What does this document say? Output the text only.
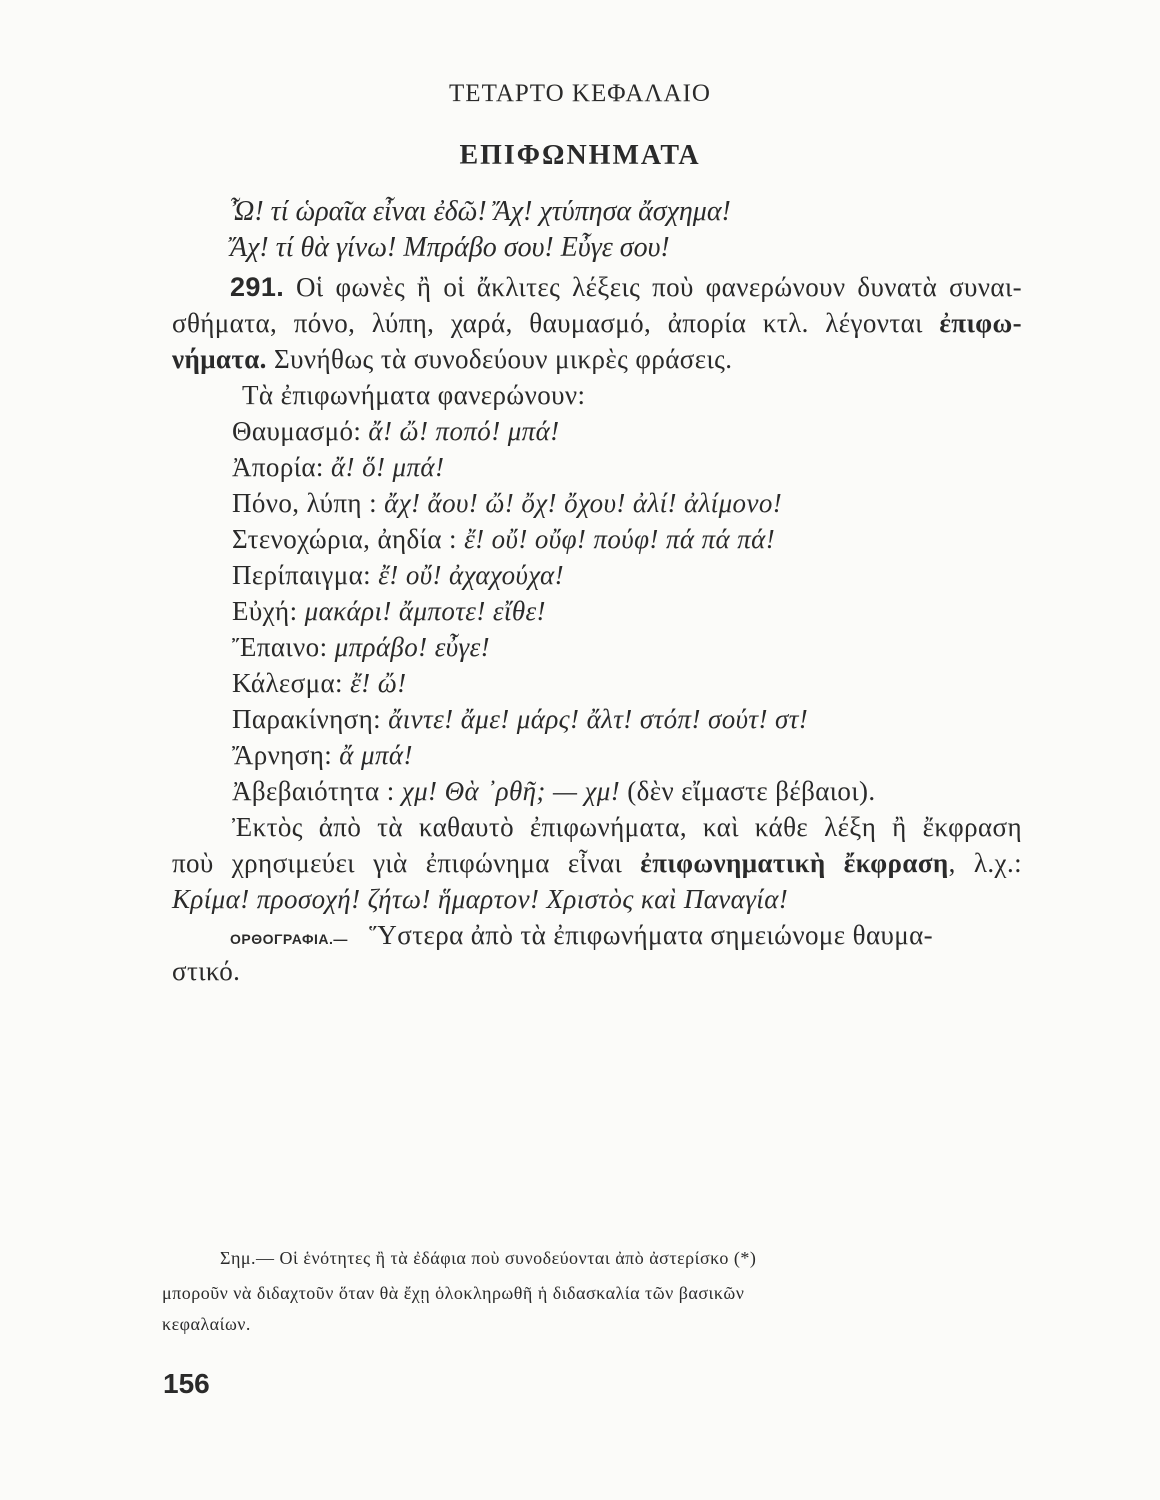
ΤΕΤΑΡΤΟ ΚΕΦΑΛΑΙΟ
ΕΠΙΦΩΝΗΜΑΤΑ
Ὦ! τί ὡραῖα εἶναι ἐδῶ! Ἄχ! χτύπησα ἄσχημα!
Ἄχ! τί θὰ γίνω! Μπράβο σου! Εὖγε σου!
291. Οἱ φωνὲς ἢ οἱ ἄκλιτες λέξεις ποὺ φανερώνουν δυνατὰ συναι-
σθήματα, πόνο, λύπη, χαρά, θαυμασμό, ἀπορία κτλ. λέγονται ἐπιφω-
νήματα. Συνήθως τὰ συνοδεύουν μικρὲς φράσεις.
Τὰ ἐπιφωνήματα φανερώνουν:
Θαυμασμό: ἄ! ὤ! ποπό! μπά!
Ἀπορία: ἄ! ὅ! μπά!
Πόνο, λύπη : ἄχ! ἄου! ὤ! ὄχ! ὄχου! ἀλί! ἀλίμονο!
Στενοχώρια, ἀηδία : ἔ! οὔ! οὔφ! πούφ! πά πά πά!
Περίπαιγμα: ἔ! οὔ! ἀχαχούχα!
Εὐχή: μακάρι! ἄμποτε! εἴθε!
Ἔπαινο: μπράβο! εὖγε!
Κάλεσμα: ἔ! ὤ!
Παρακίνηση: ἄιντε! ἄμε! μάρς! ἄλτ! στόπ! σούτ! στ!
Ἄρνηση: ἄ μπά!
Ἀβεβαιότητα : χμ! Θὰ ᾽ρθῆ; — χμ! (δὲν εἴμαστε βέβαιοι).
Ἐκτὸς ἀπὸ τὰ καθαυτὸ ἐπιφωνήματα, καὶ κάθε λέξη ἢ ἔκφραση
ποὺ χρησιμεύει γιὰ ἐπιφώνημα εἶναι ἐπιφωνηματικὴ ἔκφραση, λ.χ.:
Κρίμα! προσοχή! ζήτω! ἥμαρτον! Χριστὸς καὶ Παναγία!
ΟΡΘΟΓΡΑΦΙΑ.— Ὕστερα ἀπὸ τὰ ἐπιφωνήματα σημειώνομε θαυμα-
στικό.
Σημ.— Οἱ ἑνότητες ἢ τὰ ἐδάφια ποὺ συνοδεύονται ἀπὸ ἀστερίσκο (*)
μποροῦν νὰ διδαχτοῦν ὅταν θὰ ἔχῃ ὁλοκληρωθῆ ἡ διδασκαλία τῶν βασικῶν
κεφαλαίων.
156
